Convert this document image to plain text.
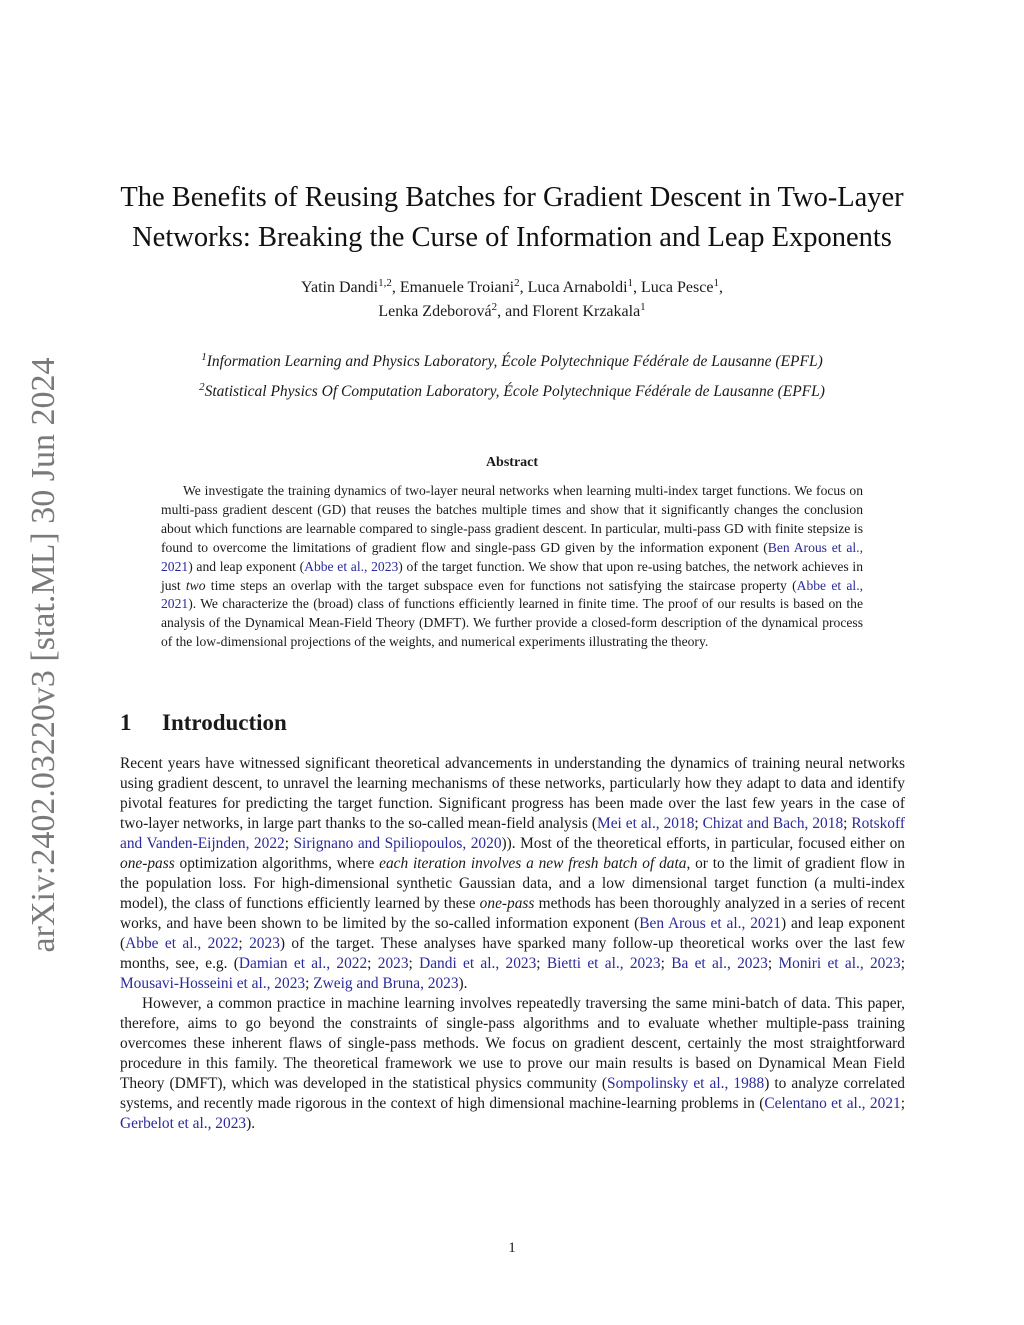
arXiv:2402.03220v3 [stat.ML] 30 Jun 2024
The Benefits of Reusing Batches for Gradient Descent in Two-Layer
Networks: Breaking the Curse of Information and Leap Exponents
Yatin Dandi$^{1,2}$, Emanuele Troiani$^2$, Luca Arnaboldi$^1$, Luca Pesce$^1$,
Lenka Zdeborová$^2$, and Florent Krzakala$^1$
$^1$Information Learning and Physics Laboratory, École Polytechnique Fédérale de Lausanne (EPFL)
$^2$Statistical Physics Of Computation Laboratory, École Polytechnique Fédérale de Lausanne (EPFL)
Abstract
We investigate the training dynamics of two-layer neural networks when learning multi-index target functions. We focus on multi-pass gradient descent (GD) that reuses the batches multiple times and show that it significantly changes the conclusion about which functions are learnable compared to single-pass gradient descent. In particular, multi-pass GD with finite stepsize is found to overcome the limitations of gradient flow and single-pass GD given by the information exponent (Ben Arous et al., 2021) and leap exponent (Abbe et al., 2023) of the target function. We show that upon re-using batches, the network achieves in just two time steps an overlap with the target subspace even for functions not satisfying the staircase property (Abbe et al., 2021). We characterize the (broad) class of functions efficiently learned in finite time. The proof of our results is based on the analysis of the Dynamical Mean-Field Theory (DMFT). We further provide a closed-form description of the dynamical process of the low-dimensional projections of the weights, and numerical experiments illustrating the theory.
1 Introduction

Recent years have witnessed significant theoretical advancements in understanding the dynamics of training neural networks using gradient descent, to unravel the learning mechanisms of these networks, particularly how they adapt to data and identify pivotal features for predicting the target function. Significant progress has been made over the last few years in the case of two-layer networks, in large part thanks to the so-called mean-field analysis (Mei et al., 2018; Chizat and Bach, 2018; Rotskoff and Vanden-Eijnden, 2022; Sirignano and Spiliopoulos, 2020)). Most of the theoretical efforts, in particular, focused either on one-pass optimization algorithms, where each iteration involves a new fresh batch of data, or to the limit of gradient flow in the population loss. For high-dimensional synthetic Gaussian data, and a low dimensional target function (a multi-index model), the class of functions efficiently learned by these one-pass methods has been thoroughly analyzed in a series of recent works, and have been shown to be limited by the so-called information exponent (Ben Arous et al., 2021) and leap exponent (Abbe et al., 2022; 2023) of the target. These analyses have sparked many follow-up theoretical works over the last few months, see, e.g. (Damian et al., 2022; 2023; Dandi et al., 2023; Bietti et al., 2023; Ba et al., 2023; Moniri et al., 2023; Mousavi-Hosseini et al., 2023; Zweig and Bruna, 2023).

However, a common practice in machine learning involves repeatedly traversing the same mini-batch of data. This paper, therefore, aims to go beyond the constraints of single-pass algorithms and to evaluate whether multiple-pass training overcomes these inherent flaws of single-pass methods. We focus on gradient descent, certainly the most straightforward procedure in this family. The theoretical framework we use to prove our main results is based on Dynamical Mean Field Theory (DMFT), which was developed in the statistical physics community (Sompolinsky et al., 1988) to analyze correlated systems, and recently made rigorous in the context of high dimensional machine-learning problems in (Celentano et al., 2021; Gerbelot et al., 2023).

1
